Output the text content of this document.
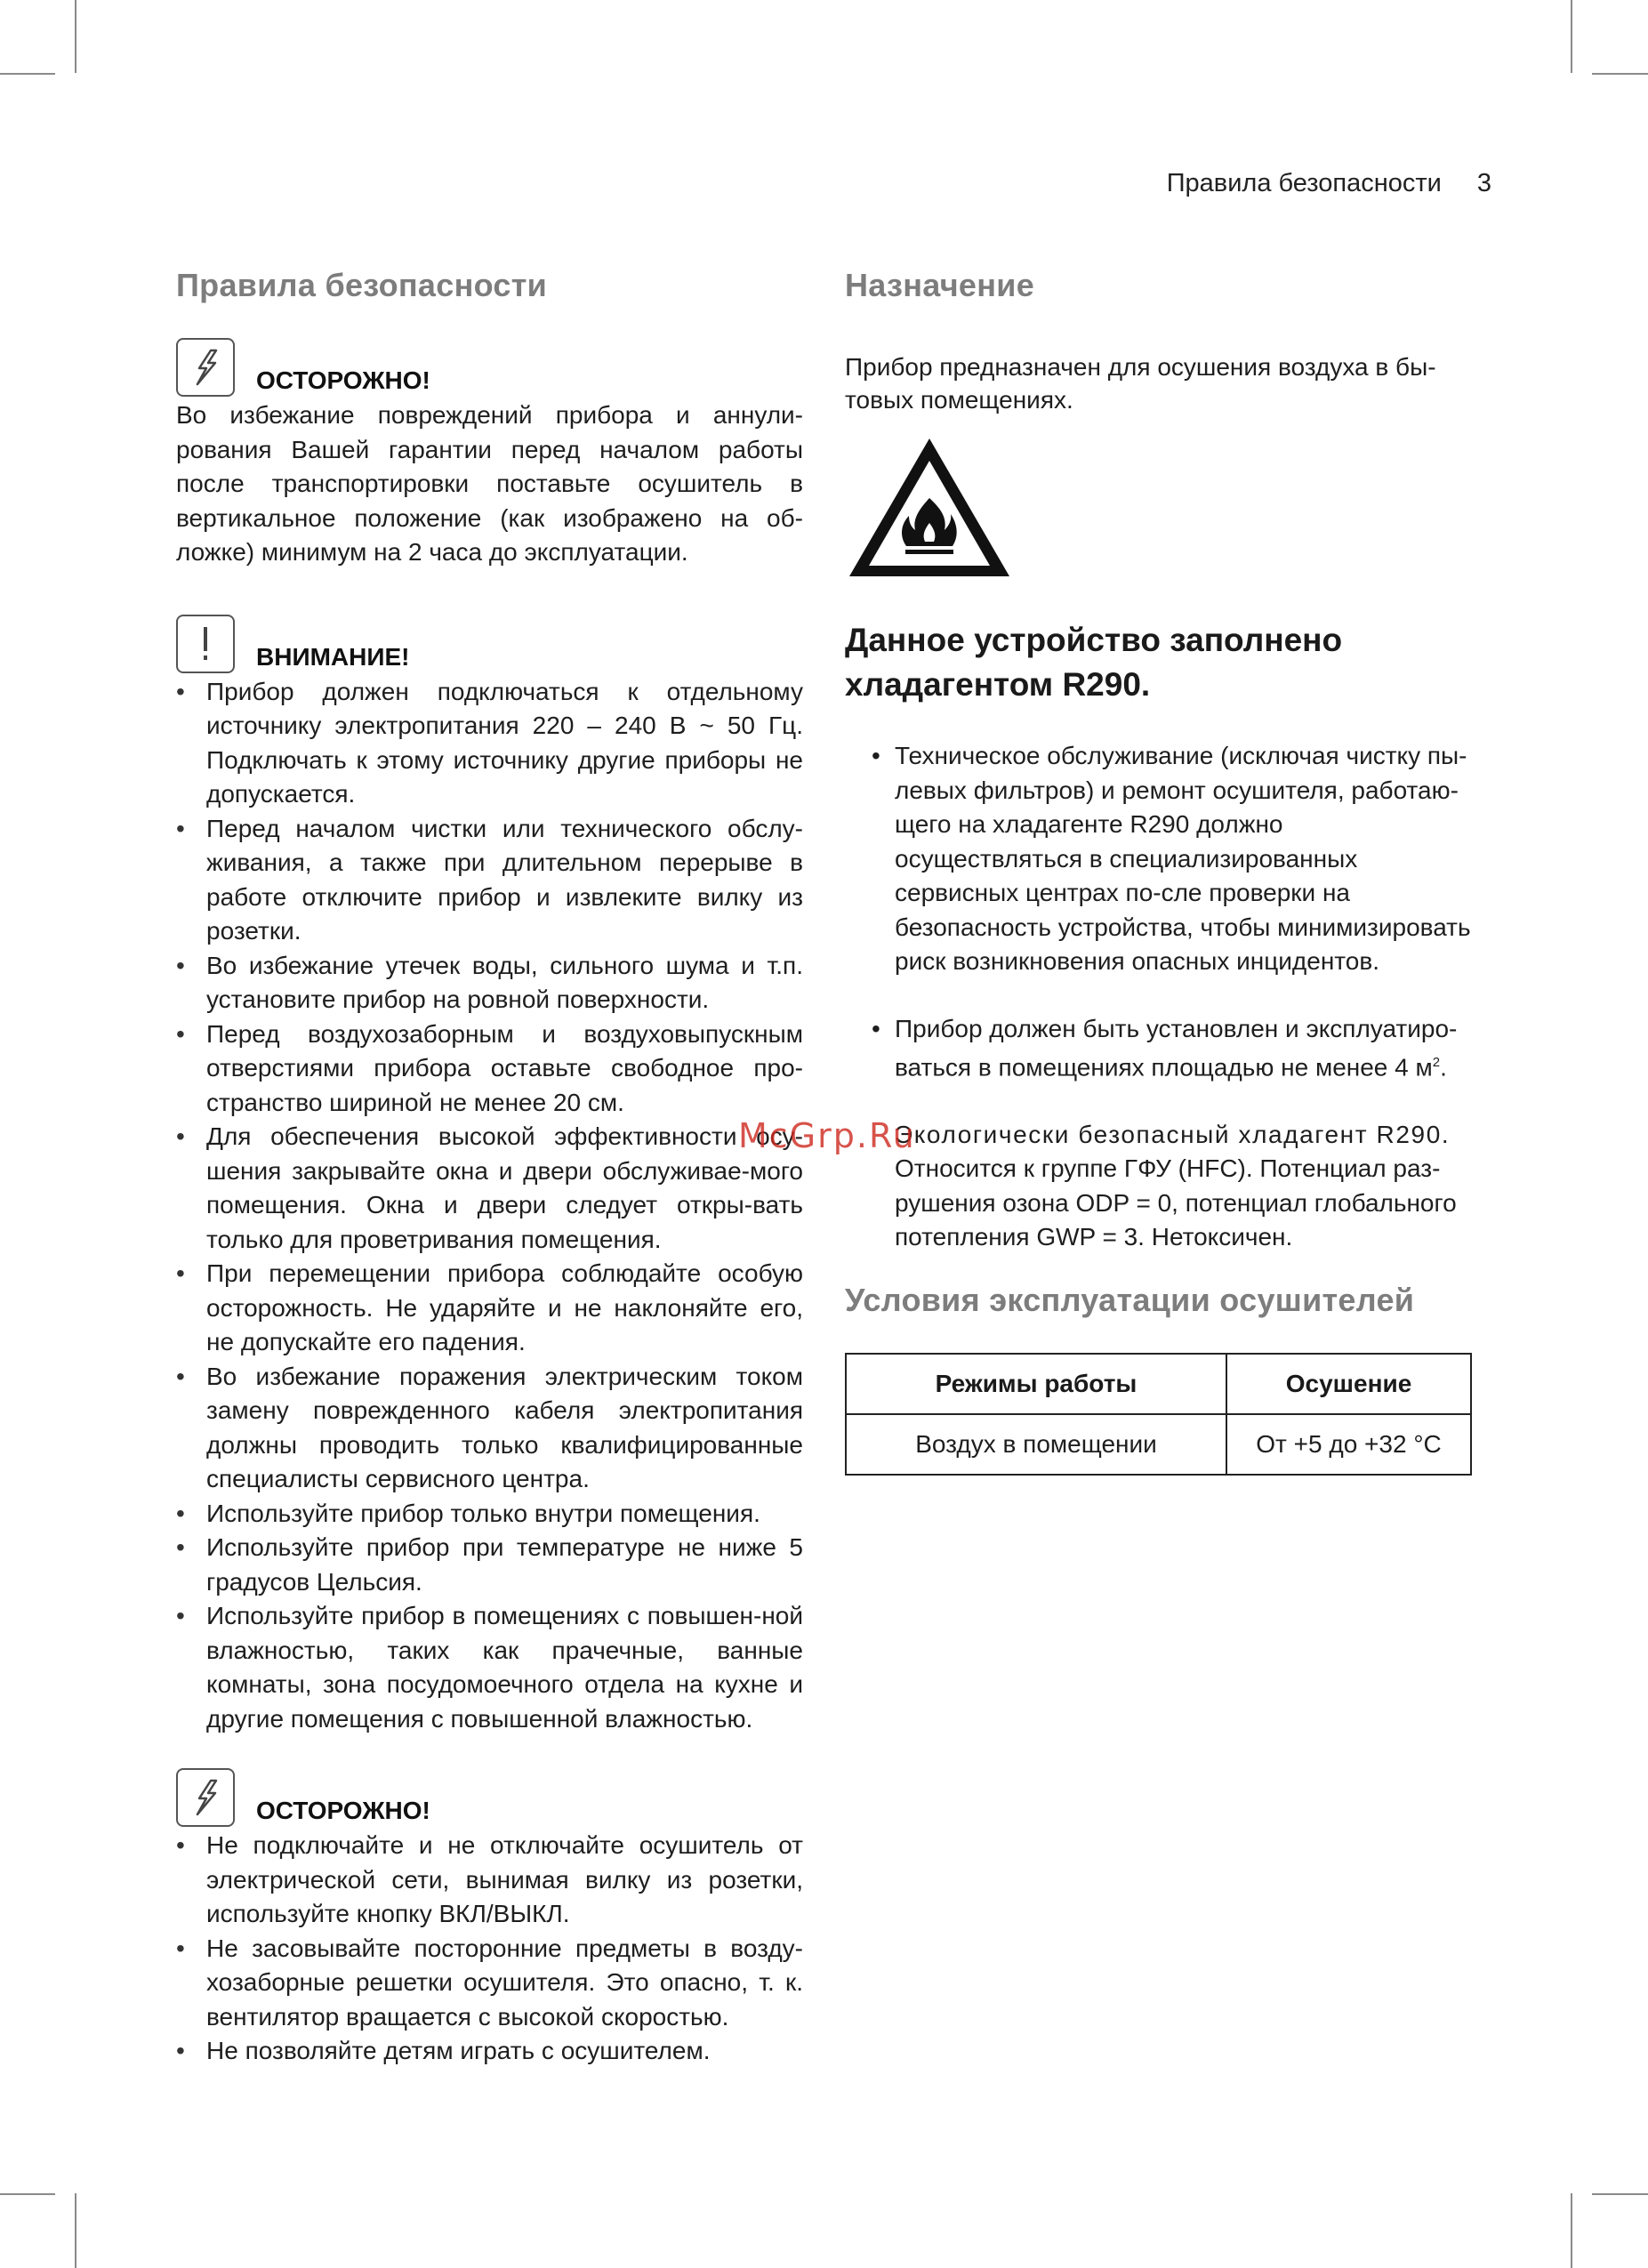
Правила безопасности 3
Правила безопасности
ОСТОРОЖНО!

Во избежание повреждений прибора и аннули-рования Вашей гарантии перед началом работы после транспортировки поставьте осушитель в вертикальное положение (как изображено на об-ложке) минимум на 2 часа до эксплуатации.

ВНИМАНИЕ!
• Прибор должен подключаться к отдельному источнику электропитания 220 – 240 В ~ 50 Гц. Подключать к этому источнику другие приборы не допускается.
• Перед началом чистки или технического обслу-живания, а также при длительном перерыве в работе отключите прибор и извлеките вилку из розетки.
• Во избежание утечек воды, сильного шума и т.п. установите прибор на ровной поверхности.
• Перед воздухозаборным и воздуховыпускным отверстиями прибора оставьте свободное про-странство шириной не менее 20 см.
• Для обеспечения высокой эффективности осу-шения закрывайте окна и двери обслуживае-мого помещения. Окна и двери следует откры-вать только для проветривания помещения.
• При перемещении прибора соблюдайте особую осторожность. Не ударяйте и не наклоняйте его, не допускайте его падения.
• Во избежание поражения электрическим током замену поврежденного кабеля электропитания должны проводить только квалифицированные специалисты сервисного центра.
• Используйте прибор только внутри помещения.
• Используйте прибор при температуре не ниже 5 градусов Цельсия.
• Используйте прибор в помещениях с повышен-ной влажностью, таких как прачечные, ванные комнаты, зона посудомоечного отдела на кухне и другие помещения с повышенной влажностью.
ОСТОРОЖНО!
• Не подключайте и не отключайте осушитель от электрической сети, вынимая вилку из розетки, используйте кнопку ВКЛ/ВЫКЛ.
• Не засовывайте посторонние предметы в возду-хозаборные решетки осушителя. Это опасно, т. к. вентилятор вращается с высокой скоростью.
• Не позволяйте детям играть с осушителем.
Назначение
Прибор предназначен для осушения воздуха в бы-товых помещениях.
Данное устройство заполнено хладагентом R290.
• Техническое обслуживание (исключая чистку пы-левых фильтров) и ремонт осушителя, работаю-щего на хладагенте R290 должно осуществляться в специализированных сервисных центрах по-сле проверки на безопасность устройства, чтобы минимизировать риск возникновения опасных инцидентов.
• Прибор должен быть установлен и эксплуатиро-ваться в помещениях площадью не менее 4 $м^2$.
Экологически безопасный хладагент R290. Относится к группе ГФУ (HFC). Потенциал раз-рушения озона ODP = 0, потенциал глобального потепления GWP = 3. Нетоксичен.
Условия эксплуатации осушителей
Режимы работы	Осушение
Воздух в помещении	От +5 до +32 °C
McGrp.Ru
